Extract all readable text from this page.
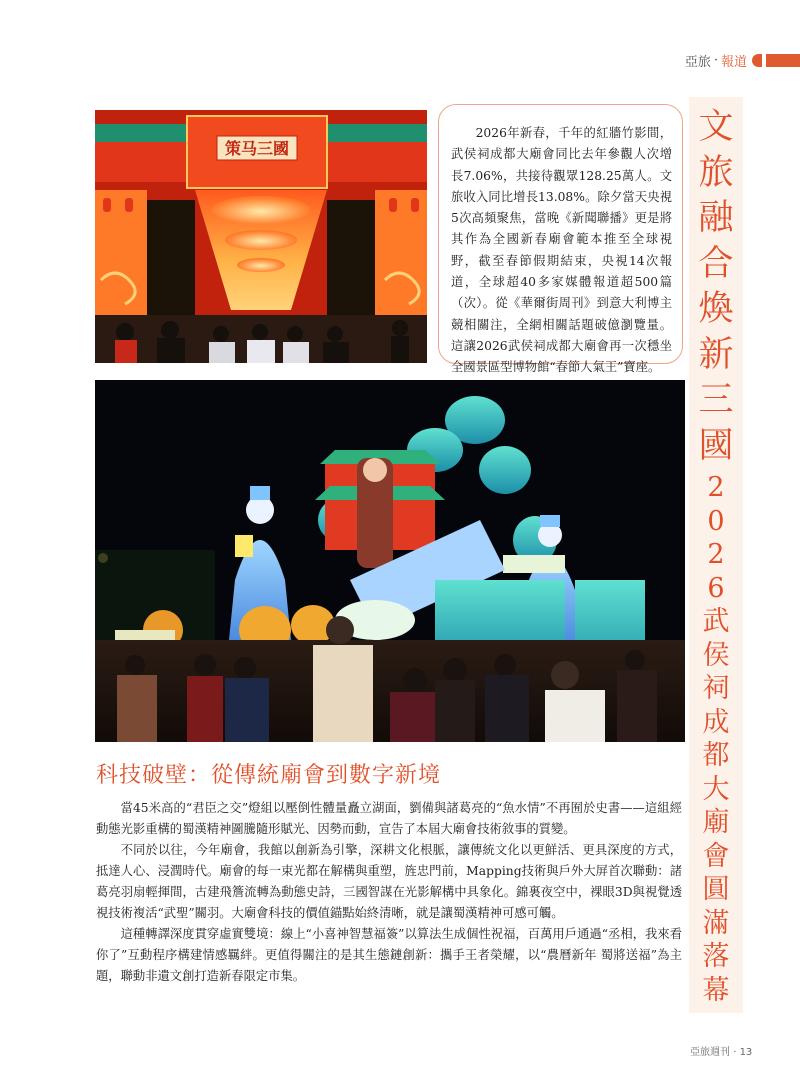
亞旅 · 報道
策马三國

2026年新春，千年的紅牆竹影間，武侯祠成都大廟會同比去年參觀人次增長7.06%，共接待觀眾128.25萬人。文旅收入同比增長13.08%。除夕當天央視5次高頻聚焦，當晚《新聞聯播》更是將其作為全國新春廟會範本推至全球視野，截至春節假期結束，央視14次報道，全球超40多家媒體報道超500篇（次）。從《華爾街周刊》到意大利博主競相關注，全網相關話題破億瀏覽量。這讓2026武侯祠成都大廟會再一次穩坐全國景區型博物館“春節人氣王”寶座。

文
旅
融
合
煥
新
三
國
2
0
2
6
武
侯
祠
成
都
大
廟
會
圓
滿
落
幕
科技破壁：從傳統廟會到數字新境

當45米高的“君臣之交”燈組以壓倒性體量矗立湖面，劉備與諸葛亮的“魚水情”不再囿於史書——這組經動態光影重構的蜀漢精神圖騰隨形賦光、因勢而動，宣告了本屆大廟會技術敘事的質變。

不同於以往，今年廟會，我館以創新為引擎，深耕文化根脈，讓傳統文化以更鮮活、更具深度的方式，抵達人心、浸潤時代。廟會的每一束光都在解構與重塑，旌忠門前，Mapping技術與戶外大屏首次聯動：諸葛亮羽扇輕揮間，古建飛簷流轉為動態史詩，三國智謀在光影解構中具象化。錦裏夜空中，裸眼3D與視覺透視技術複活“武聖”關羽。大廟會科技的價值錨點始終清晰，就是讓蜀漢精神可感可觸。

這種轉譯深度貫穿虛實雙境：線上“小喜神智慧福簽”以算法生成個性祝福，百萬用戶通過“丞相，我來看你了”互動程序構建情感羈絆。更值得關注的是其生態鏈創新：攜手王者榮耀，以“農曆新年 蜀將送福”為主題，聯動非遺文創打造新春限定市集。

亞旅週刊 · 13
